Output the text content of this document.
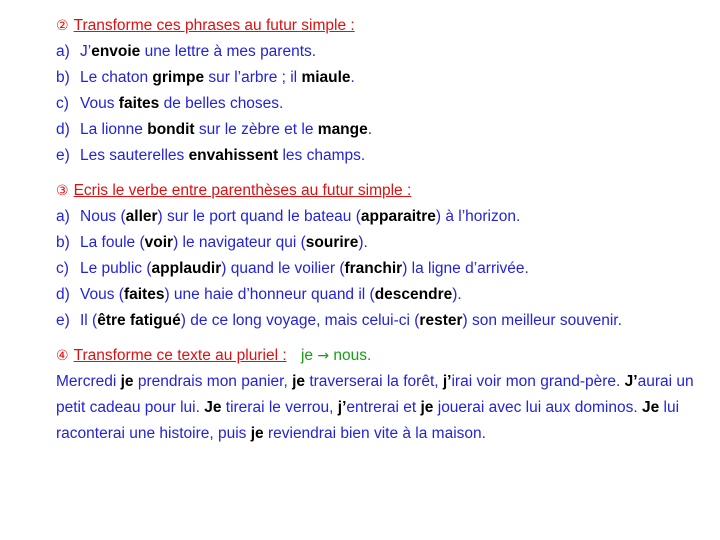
② Transforme ces phrases au futur simple :

a) J’envoie une lettre à mes parents.
b) Le chaton grimpe sur l’arbre ; il miaule.
c) Vous faites de belles choses.
d) La lionne bondit sur le zèbre et le mange.
e) Les sauterelles envahissent les champs.

③ Ecris le verbe entre parenthèses au futur simple :

a) Nous (aller) sur le port quand le bateau (apparaitre) à l’horizon.
b) La foule (voir) le navigateur qui (sourire).
c) Le public (applaudir) quand le voilier (franchir) la ligne d’arrivée.
d) Vous (faites) une haie d’honneur quand il (descendre).
e) Il (être fatigué) de ce long voyage, mais celui-ci (rester) son meilleur souvenir.

④ Transforme ce texte au pluriel : je → nous.

Mercredi je prendrais mon panier, je traverserai la forêt, j’irai voir mon grand-père. J’aurai un petit cadeau pour lui. Je tirerai le verrou, j’entrerai et je jouerai avec lui aux dominos. Je lui raconterai une histoire, puis je reviendrai bien vite à la maison.
